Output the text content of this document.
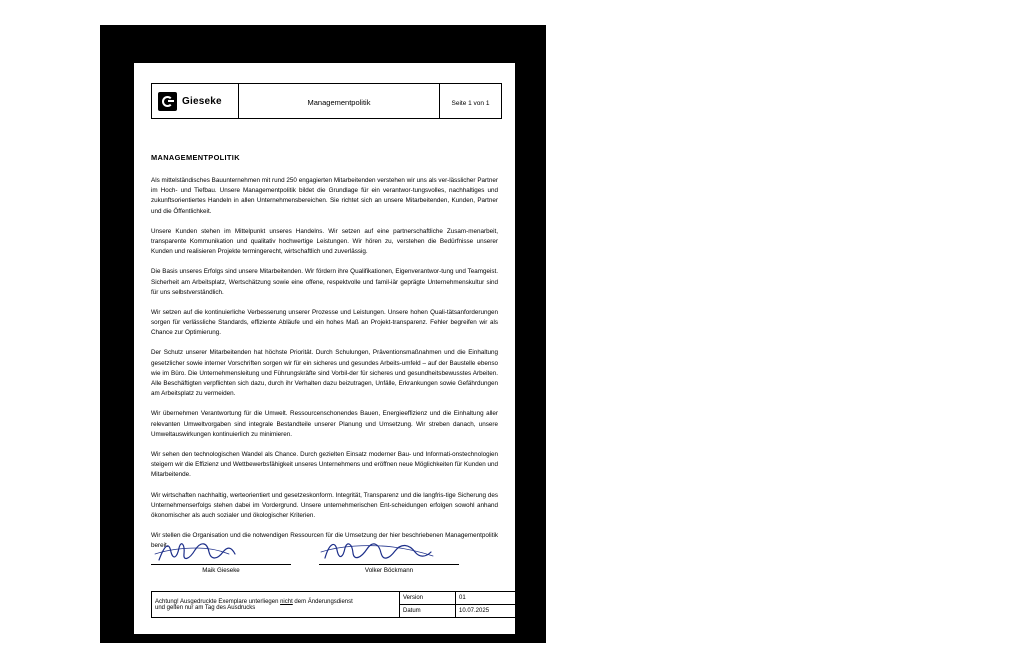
Gieseke	Managementpolitik	Seite 1 von 1
MANAGEMENTPOLITIK

Als mittelständisches Bauunternehmen mit rund 250 engagierten Mitarbeitenden verstehen wir uns als ver-lässlicher Partner im Hoch- und Tiefbau. Unsere Managementpolitik bildet die Grundlage für ein verantwor-tungsvolles, nachhaltiges und zukunftsorientiertes Handeln in allen Unternehmensbereichen. Sie richtet sich an unsere Mitarbeitenden, Kunden, Partner und die Öffentlichkeit.

Unsere Kunden stehen im Mittelpunkt unseres Handelns. Wir setzen auf eine partnerschaftliche Zusam-menarbeit, transparente Kommunikation und qualitativ hochwertige Leistungen. Wir hören zu, verstehen die Bedürfnisse unserer Kunden und realisieren Projekte termingerecht, wirtschaftlich und zuverlässig.

Die Basis unseres Erfolgs sind unsere Mitarbeitenden. Wir fördern ihre Qualifikationen, Eigenverantwor-tung und Teamgeist. Sicherheit am Arbeitsplatz, Wertschätzung sowie eine offene, respektvolle und famil-iär geprägte Unternehmenskultur sind für uns selbstverständlich.

Wir setzen auf die kontinuierliche Verbesserung unserer Prozesse und Leistungen. Unsere hohen Quali-tätsanforderungen sorgen für verlässliche Standards, effiziente Abläufe und ein hohes Maß an Projekt-transparenz. Fehler begreifen wir als Chance zur Optimierung.

Der Schutz unserer Mitarbeitenden hat höchste Priorität. Durch Schulungen, Präventionsmaßnahmen und die Einhaltung gesetzlicher sowie interner Vorschriften sorgen wir für ein sicheres und gesundes Arbeits-umfeld – auf der Baustelle ebenso wie im Büro. Die Unternehmensleitung und Führungskräfte sind Vorbil-der für sicheres und gesundheitsbewusstes Arbeiten. Alle Beschäftigten verpflichten sich dazu, durch ihr Verhalten dazu beizutragen, Unfälle, Erkrankungen sowie Gefährdungen am Arbeitsplatz zu vermeiden.

Wir übernehmen Verantwortung für die Umwelt. Ressourcenschonendes Bauen, Energieeffizienz und die Einhaltung aller relevanten Umweltvorgaben sind integrale Bestandteile unserer Planung und Umsetzung. Wir streben danach, unsere Umweltauswirkungen kontinuierlich zu minimieren.

Wir sehen den technologischen Wandel als Chance. Durch gezielten Einsatz moderner Bau- und Informati-onstechnologien steigern wir die Effizienz und Wettbewerbsfähigkeit unseres Unternehmens und eröffnen neue Möglichkeiten für Kunden und Mitarbeitende.

Wir wirtschaften nachhaltig, werteorientiert und gesetzeskonform. Integrität, Transparenz und die langfris-tige Sicherung des Unternehmenserfolgs stehen dabei im Vordergrund. Unsere unternehmerischen Ent-scheidungen erfolgen sowohl anhand ökonomischer als auch sozialer und ökologischer Kriterien.

Wir stellen die Organisation und die notwendigen Ressourcen für die Umsetzung der hier beschriebenen Managementpolitik bereit.

Maik Gieseke	Volker Böckmann
Achtung! Ausgedruckte Exemplare unterliegen nicht dem Änderungsdienst
und gelten nur am Tag des Ausdrucks	Version	01
	Datum	10.07.2025
